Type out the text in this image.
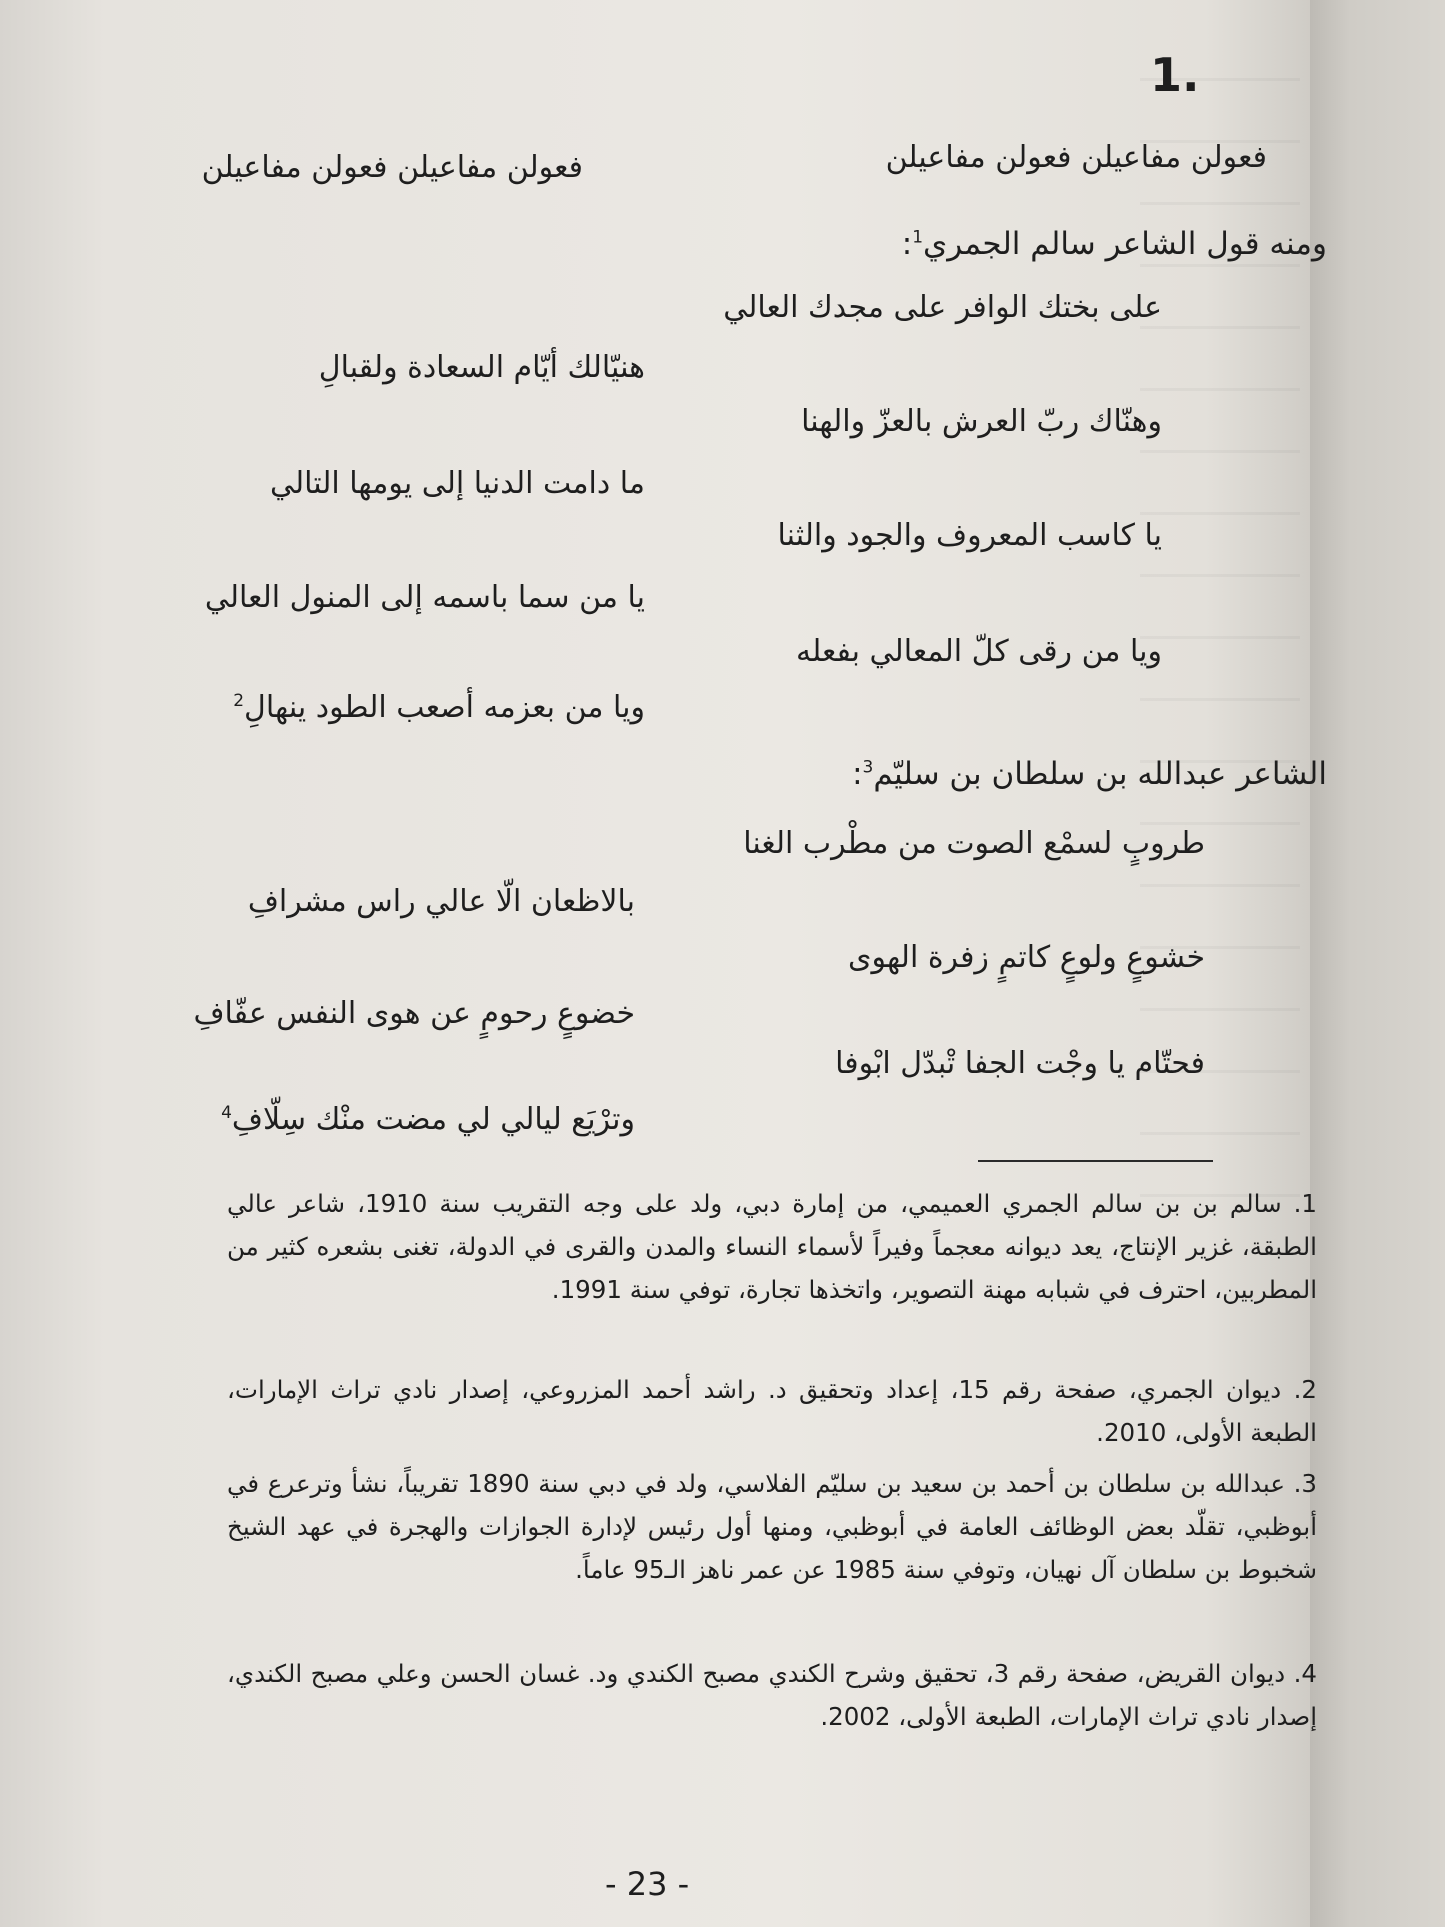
1.
فعولن مفاعيلن فعولن مفاعيلن
فعولن مفاعيلن فعولن مفاعيلن
ومنه قول الشاعر سالم الجمري$^1$:
على بختك الوافر على مجدك العالي
هنيّالك أيّام السعادة ولقبالِ
وهنّاك ربّ العرش بالعزّ والهنا
ما دامت الدنيا إلى يومها التالي
يا كاسب المعروف والجود والثنا
يا من سما باسمه إلى المنول العالي
ويا من رقى كلّ المعالي بفعله
ويا من بعزمه أصعب الطود ينهالِ$^2$
الشاعر عبدالله بن سلطان بن سليّم$^3$:
طروبٍ لسمْع الصوت من مطْرب الغنا
بالاظعان الّا عالي راس مشرافِ
خشوعٍ ولوعٍ كاتمٍ زفرة الهوى
خضوعٍ رحومٍ عن هوى النفس عفّافِ
فحتّام يا وجْت الجفا تْبدّل ابْوفا
وترْيَع ليالي لي مضت منْك سِلّافِ$^4$
1. سالم بن بن سالم الجمري العميمي، من إمارة دبي، ولد على وجه التقريب سنة 1910، شاعر عالي الطبقة، غزير الإنتاج، يعد ديوانه معجماً وفيراً لأسماء النساء والمدن والقرى في الدولة، تغنى بشعره كثير من المطربين، احترف في شبابه مهنة التصوير، واتخذها تجارة، توفي سنة 1991.
2. ديوان الجمري، صفحة رقم 15، إعداد وتحقيق د. راشد أحمد المزروعي، إصدار نادي تراث الإمارات، الطبعة الأولى، 2010.
3. عبدالله بن سلطان بن أحمد بن سعيد بن سليّم الفلاسي، ولد في دبي سنة 1890 تقريباً، نشأ وترعرع في أبوظبي، تقلّد بعض الوظائف العامة في أبوظبي، ومنها أول رئيس لإدارة الجوازات والهجرة في عهد الشيخ شخبوط بن سلطان آل نهيان، وتوفي سنة 1985 عن عمر ناهز الـ95 عاماً.
4. ديوان القريض، صفحة رقم 3، تحقيق وشرح الكندي مصبح الكندي ود. غسان الحسن وعلي مصبح الكندي، إصدار نادي تراث الإمارات، الطبعة الأولى، 2002.
- 23 -
